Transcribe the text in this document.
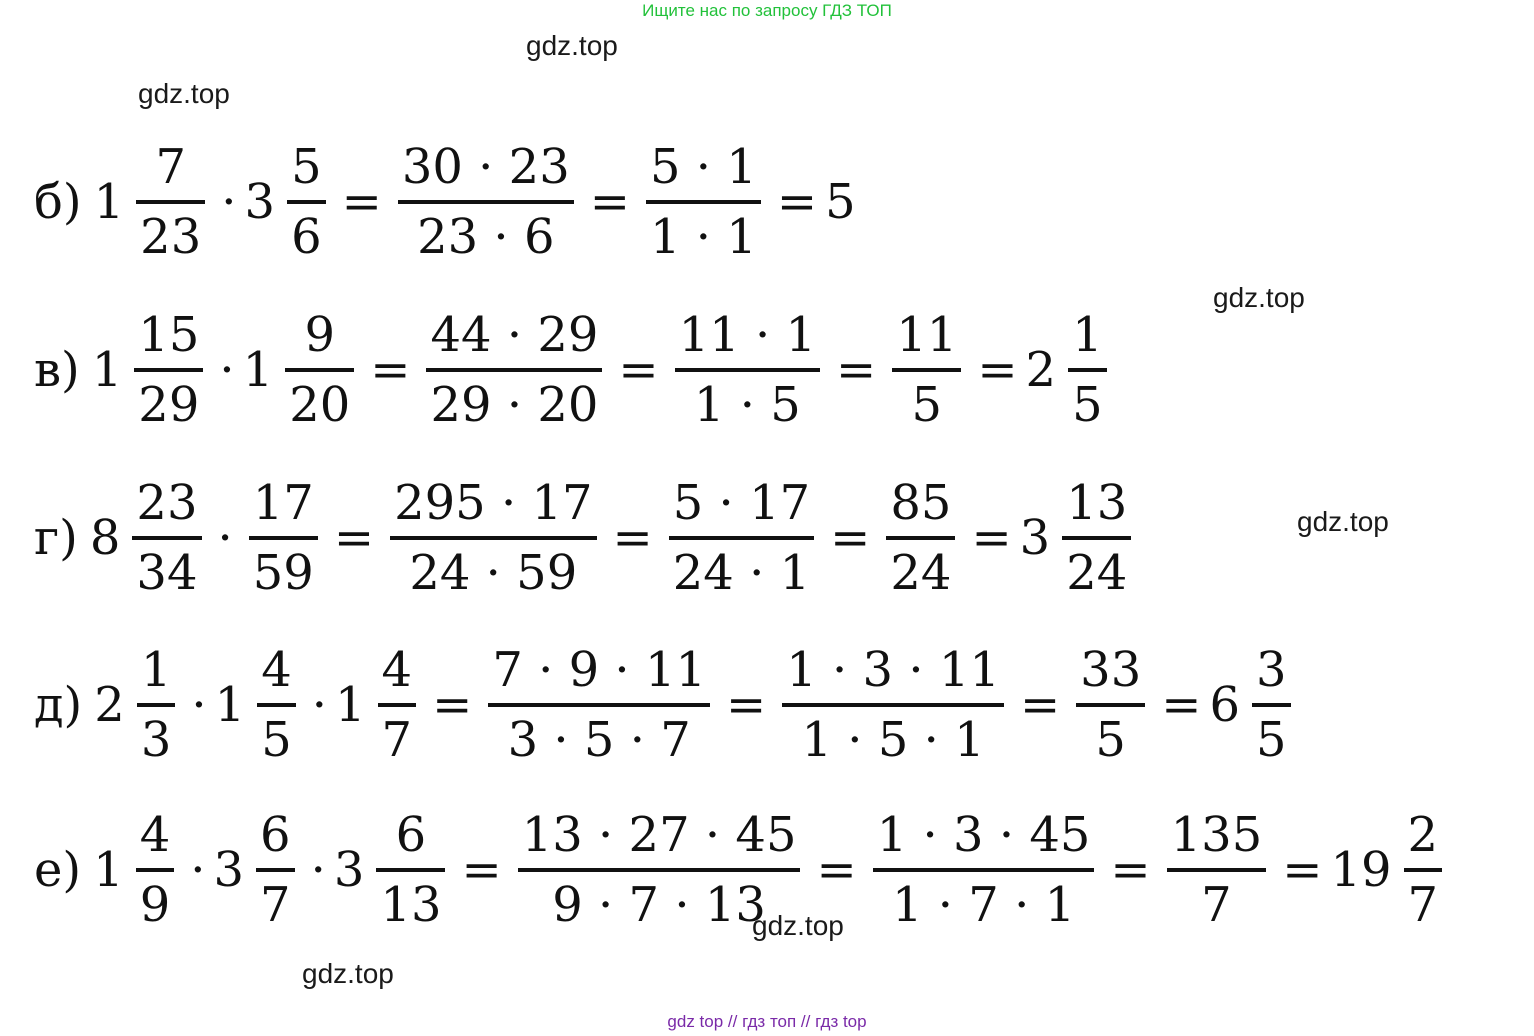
Ищите нас по запросу ГДЗ ТОП
б) $1 \frac{7}{23} \cdot 3 \frac{5}{6} = \frac{30 \cdot 23}{23 \cdot 6} = \frac{5 \cdot 1}{1 \cdot 1} = 5$
в) $1 \frac{15}{29} \cdot 1 \frac{9}{20} = \frac{44 \cdot 29}{29 \cdot 20} = \frac{11 \cdot 1}{1 \cdot 5} = \frac{11}{5} = 2 \frac{1}{5}$
г) $8 \frac{23}{34} \cdot \frac{17}{59} = \frac{295 \cdot 17}{24 \cdot 59} = \frac{5 \cdot 17}{24 \cdot 1} = \frac{85}{24} = 3 \frac{13}{24}$
д) $2 \frac{1}{3} \cdot 1 \frac{4}{5} \cdot 1 \frac{4}{7} = \frac{7 \cdot 9 \cdot 11}{3 \cdot 5 \cdot 7} = \frac{1 \cdot 3 \cdot 11}{1 \cdot 5 \cdot 1} = \frac{33}{5} = 6 \frac{3}{5}$
е) $1 \frac{4}{9} \cdot 3 \frac{6}{7} \cdot 3 \frac{6}{13} = \frac{13 \cdot 27 \cdot 45}{9 \cdot 7 \cdot 13} = \frac{1 \cdot 3 \cdot 45}{1 \cdot 7 \cdot 1} = \frac{135}{7} = 19 \frac{2}{7}$
gdz.top
gdz.top
gdz.top
gdz.top
gdz.top
gdz.top
gdz top // гдз топ // гдз top
